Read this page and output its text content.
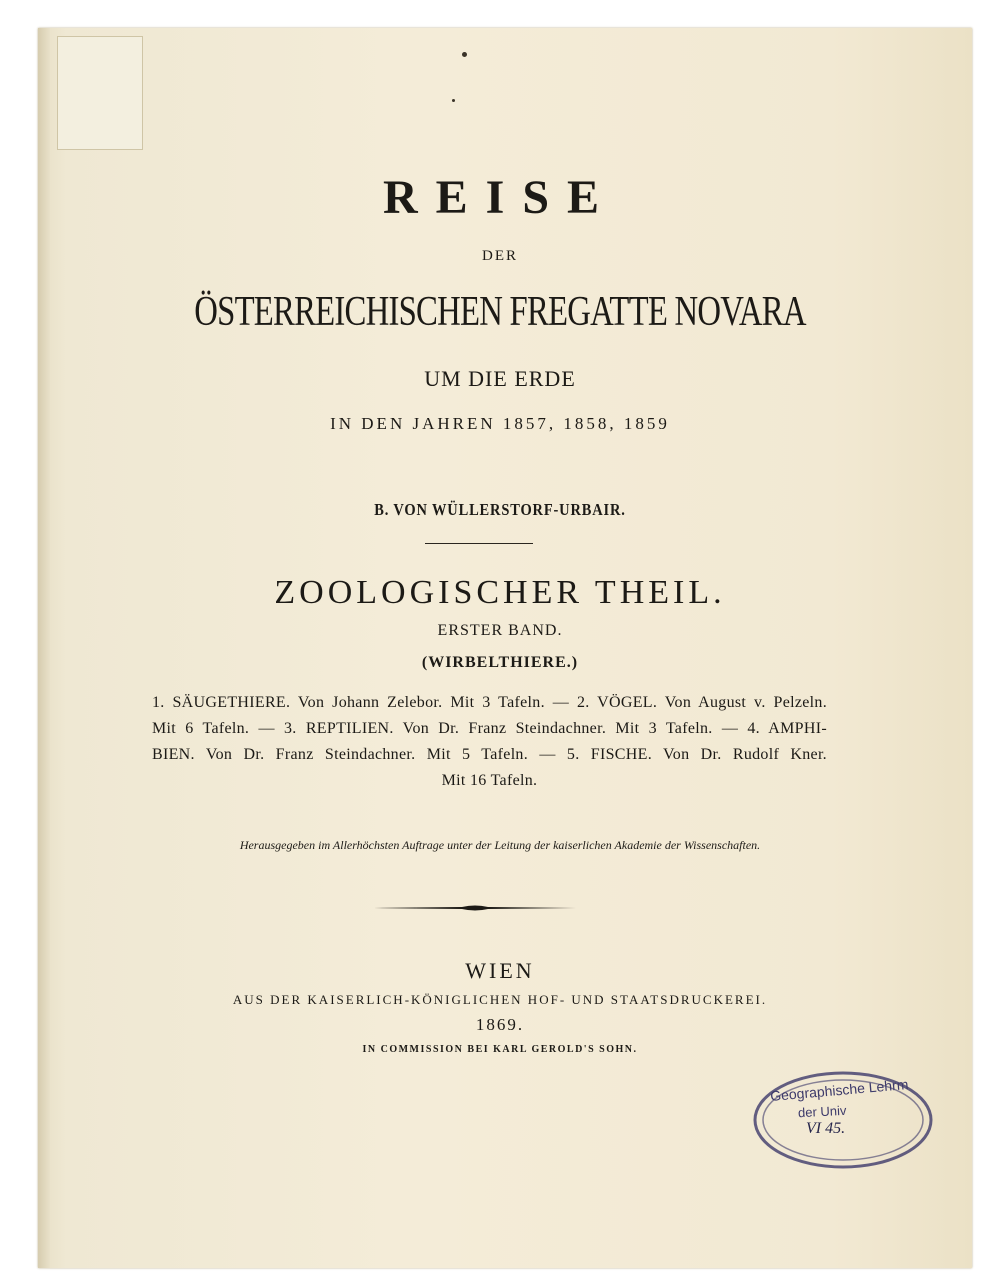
REISE
DER
ÖSTERREICHISCHEN FREGATTE NOVARA
UM DIE ERDE
IN DEN JAHREN 1857, 1858, 1859
B. VON WÜLLERSTORF-URBAIR.
ZOOLOGISCHER THEIL.
ERSTER BAND.
(WIRBELTHIERE.)
1. SÄUGETHIERE. Von Johann Zelebor. Mit 3 Tafeln. — 2. VÖGEL. Von August v. Pelzeln.
Mit 6 Tafeln. — 3. REPTILIEN. Von Dr. Franz Steindachner. Mit 3 Tafeln. — 4. AMPHI-
BIEN. Von Dr. Franz Steindachner. Mit 5 Tafeln. — 5. FISCHE. Von Dr. Rudolf Kner.
Mit 16 Tafeln.
Herausgegeben im Allerhöchsten Auftrage unter der Leitung der kaiserlichen Akademie der Wissenschaften.
WIEN
AUS DER KAISERLICH-KÖNIGLICHEN HOF- UND STAATSDRUCKEREI.
1869.
IN COMMISSION BEI KARL GEROLD'S SOHN.
Geographische Lehrm
der Univ
VI 45.
